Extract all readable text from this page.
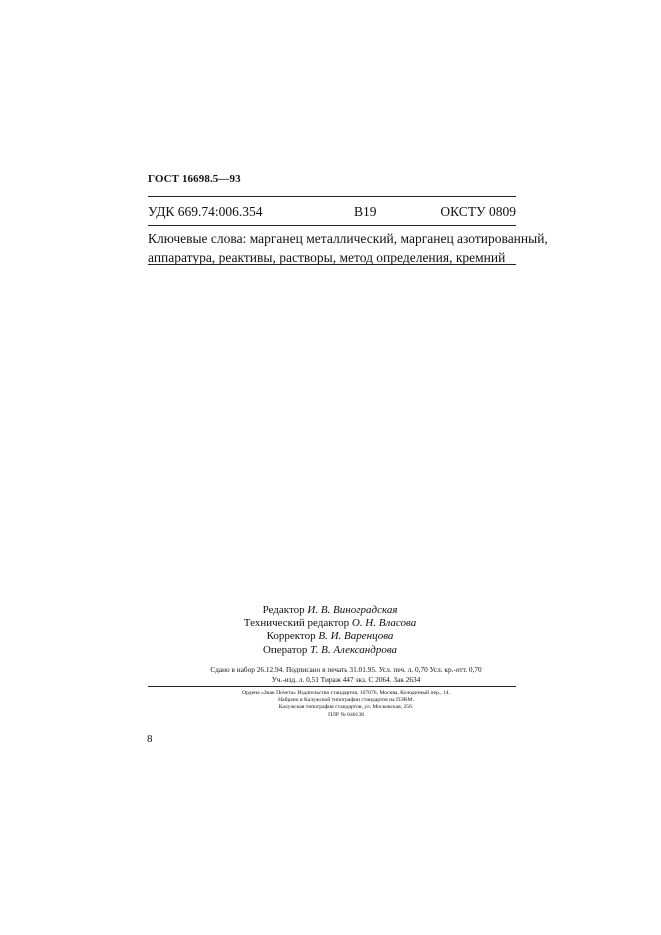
ГОСТ 16698.5—93
УДК 669.74:006.354	В19	ОКСТУ 0809
Ключевые слова: марганец металлический, марганец азотированный,
аппаратура, реактивы, растворы, метод определения, кремний
Редактор И. В. Виноградская
Технический редактор О. Н. Власова
Корректор В. И. Варенцова
Оператор Т. В. Александрова
Сдано в набор 26.12.94. Подписано в печать 31.01.95. Усл. печ. л. 0,70 Усл. кр.-отт. 0,70
Уч.-изд. л. 0,51 Тираж 447 экз. С 2064. Зак 2634
Ордена «Знак Почета» Издательство стандартов, 107076, Москва, Колодезный пер., 14.
Набрано в Калужской типографии стандартов на ПЭВМ.
Калужская типография стандартов, ул. Московская, 256.
ПЛР № 040138
8
